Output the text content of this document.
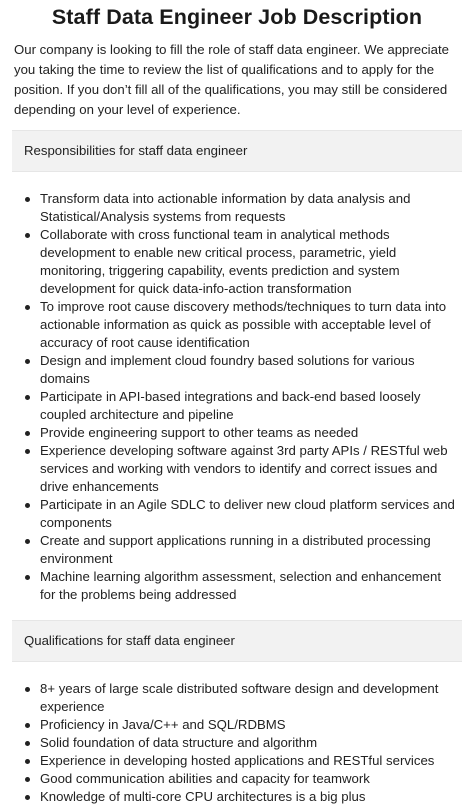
Staff Data Engineer Job Description

Our company is looking to fill the role of staff data engineer. We appreciate you taking the time to review the list of qualifications and to apply for the position. If you don’t fill all of the qualifications, you may still be considered depending on your level of experience.

Responsibilities for staff data engineer
Transform data into actionable information by data analysis and Statistical/Analysis systems from requests
Collaborate with cross functional team in analytical methods development to enable new critical process, parametric, yield monitoring, triggering capability, events prediction and system development for quick data-info-action transformation
To improve root cause discovery methods/techniques to turn data into actionable information as quick as possible with acceptable level of accuracy of root cause identification
Design and implement cloud foundry based solutions for various domains
Participate in API-based integrations and back-end based loosely coupled architecture and pipeline
Provide engineering support to other teams as needed
Experience developing software against 3rd party APIs / RESTful web services and working with vendors to identify and correct issues and drive enhancements
Participate in an Agile SDLC to deliver new cloud platform services and components
Create and support applications running in a distributed processing environment
Machine learning algorithm assessment, selection and enhancement for the problems being addressed
Qualifications for staff data engineer
8+ years of large scale distributed software design and development experience
Proficiency in Java/C++ and SQL/RDBMS
Solid foundation of data structure and algorithm
Experience in developing hosted applications and RESTful services
Good communication abilities and capacity for teamwork
Knowledge of multi-core CPU architectures is a big plus
